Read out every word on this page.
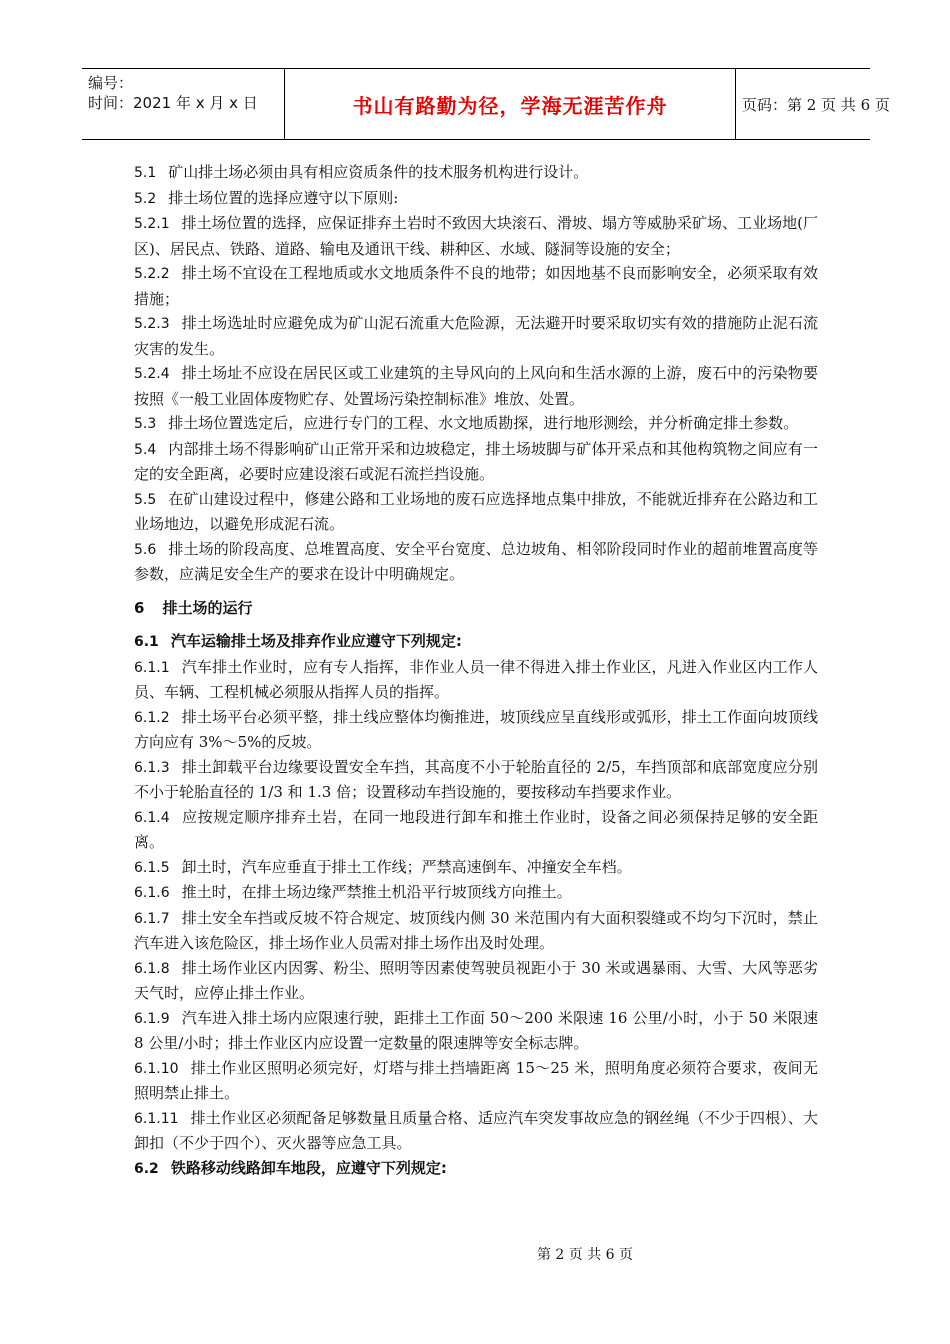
编号：
时间：2021 年 x 月 x 日	书山有路勤为径，学海无涯苦作舟	页码：第 2 页 共 6 页

5.1 矿山排土场必须由具有相应资质条件的技术服务机构进行设计。

5.2 排土场位置的选择应遵守以下原则:

5.2.1 排土场位置的选择，应保证排弃土岩时不致因大块滚石、滑坡、塌方等威胁采矿场、工业场地(厂区)、居民点、铁路、道路、输电及通讯干线、耕种区、水域、隧洞等设施的安全；

5.2.2 排土场不宜设在工程地质或水文地质条件不良的地带；如因地基不良而影响安全，必须采取有效措施；

5.2.3 排土场选址时应避免成为矿山泥石流重大危险源，无法避开时要采取切实有效的措施防止泥石流灾害的发生。

5.2.4 排土场址不应设在居民区或工业建筑的主导风向的上风向和生活水源的上游，废石中的污染物要按照《一般工业固体废物贮存、处置场污染控制标准》堆放、处置。

5.3 排土场位置选定后，应进行专门的工程、水文地质勘探，进行地形测绘，并分析确定排土参数。

5.4 内部排土场不得影响矿山正常开采和边坡稳定，排土场坡脚与矿体开采点和其他构筑物之间应有一定的安全距离，必要时应建设滚石或泥石流拦挡设施。

5.5 在矿山建设过程中，修建公路和工业场地的废石应选择地点集中排放，不能就近排弃在公路边和工业场地边，以避免形成泥石流。

5.6 排土场的阶段高度、总堆置高度、安全平台宽度、总边坡角、相邻阶段同时作业的超前堆置高度等参数，应满足安全生产的要求在设计中明确规定。

6 排土场的运行

6.1 汽车运输排土场及排弃作业应遵守下列规定:

6.1.1 汽车排土作业时，应有专人指挥，非作业人员一律不得进入排土作业区，凡进入作业区内工作人员、车辆、工程机械必须服从指挥人员的指挥。

6.1.2 排土场平台必须平整，排土线应整体均衡推进，坡顶线应呈直线形或弧形，排土工作面向坡顶线方向应有 3%～5%的反坡。

6.1.3 排土卸载平台边缘要设置安全车挡，其高度不小于轮胎直径的 2/5，车挡顶部和底部宽度应分别不小于轮胎直径的 1/3 和 1.3 倍；设置移动车挡设施的，要按移动车挡要求作业。

6.1.4 应按规定顺序排弃土岩，在同一地段进行卸车和推土作业时，设备之间必须保持足够的安全距离。

6.1.5 卸土时，汽车应垂直于排土工作线；严禁高速倒车、冲撞安全车档。

6.1.6 推土时，在排土场边缘严禁推土机沿平行坡顶线方向推土。

6.1.7 排土安全车挡或反坡不符合规定、坡顶线内侧 30 米范围内有大面积裂缝或不均匀下沉时，禁止汽车进入该危险区，排土场作业人员需对排土场作出及时处理。

6.1.8 排土场作业区内因雾、粉尘、照明等因素使驾驶员视距小于 30 米或遇暴雨、大雪、大风等恶劣天气时，应停止排土作业。

6.1.9 汽车进入排土场内应限速行驶，距排土工作面 50～200 米限速 16 公里/小时，小于 50 米限速 8 公里/小时；排土作业区内应设置一定数量的限速牌等安全标志牌。

6.1.10 排土作业区照明必须完好，灯塔与排土挡墙距离 15～25 米，照明角度必须符合要求，夜间无照明禁止排土。

6.1.11 排土作业区必须配备足够数量且质量合格、适应汽车突发事故应急的钢丝绳（不少于四根）、大卸扣（不少于四个）、灭火器等应急工具。

6.2 铁路移动线路卸车地段，应遵守下列规定:

第 2 页 共 6 页
